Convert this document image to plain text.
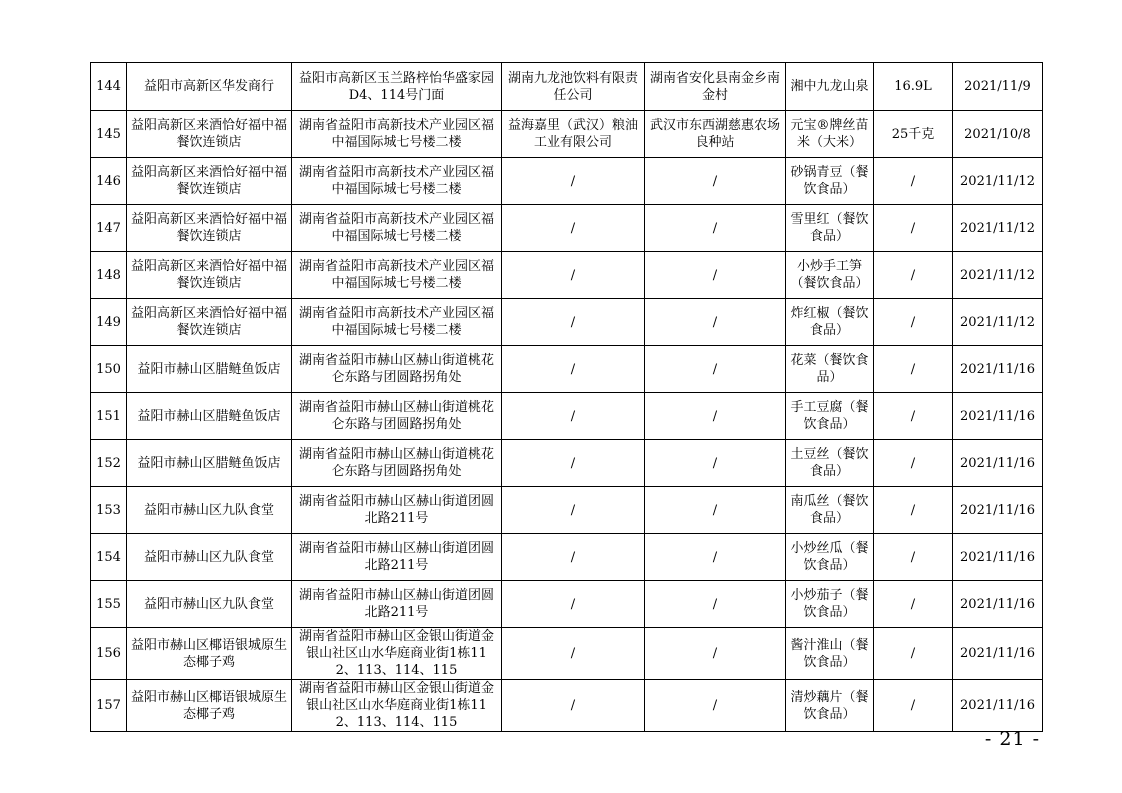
144	益阳市高新区华发商行	益阳市高新区玉兰路梓怡华盛家园D4、114号门面	湖南九龙池饮料有限责任公司	湖南省安化县南金乡南金村	湘中九龙山泉	16.9L	2021/11/9
145	益阳高新区来酒恰好福中福餐饮连锁店	湖南省益阳市高新技术产业园区福中福国际城七号楼二楼	益海嘉里（武汉）粮油工业有限公司	武汉市东西湖慈惠农场良种站	元宝®牌丝苗米（大米）	25千克	2021/10/8
146	益阳高新区来酒恰好福中福餐饮连锁店	湖南省益阳市高新技术产业园区福中福国际城七号楼二楼	/	/	砂锅青豆（餐饮食品）	/	2021/11/12
147	益阳高新区来酒恰好福中福餐饮连锁店	湖南省益阳市高新技术产业园区福中福国际城七号楼二楼	/	/	雪里红（餐饮食品）	/	2021/11/12
148	益阳高新区来酒恰好福中福餐饮连锁店	湖南省益阳市高新技术产业园区福中福国际城七号楼二楼	/	/	小炒手工笋（餐饮食品）	/	2021/11/12
149	益阳高新区来酒恰好福中福餐饮连锁店	湖南省益阳市高新技术产业园区福中福国际城七号楼二楼	/	/	炸红椒（餐饮食品）	/	2021/11/12
150	益阳市赫山区腊鲢鱼饭店	湖南省益阳市赫山区赫山街道桃花仑东路与团圆路拐角处	/	/	花菜（餐饮食品）	/	2021/11/16
151	益阳市赫山区腊鲢鱼饭店	湖南省益阳市赫山区赫山街道桃花仑东路与团圆路拐角处	/	/	手工豆腐（餐饮食品）	/	2021/11/16
152	益阳市赫山区腊鲢鱼饭店	湖南省益阳市赫山区赫山街道桃花仑东路与团圆路拐角处	/	/	土豆丝（餐饮食品）	/	2021/11/16
153	益阳市赫山区九队食堂	湖南省益阳市赫山区赫山街道团圆北路211号	/	/	南瓜丝（餐饮食品）	/	2021/11/16
154	益阳市赫山区九队食堂	湖南省益阳市赫山区赫山街道团圆北路211号	/	/	小炒丝瓜（餐饮食品）	/	2021/11/16
155	益阳市赫山区九队食堂	湖南省益阳市赫山区赫山街道团圆北路211号	/	/	小炒茄子（餐饮食品）	/	2021/11/16
156	益阳市赫山区椰语银城原生态椰子鸡	湖南省益阳市赫山区金银山街道金银山社区山水华庭商业街1栋112、113、114、115	/	/	酱汁淮山（餐饮食品）	/	2021/11/16
157	益阳市赫山区椰语银城原生态椰子鸡	湖南省益阳市赫山区金银山街道金银山社区山水华庭商业街1栋112、113、114、115	/	/	清炒藕片（餐饮食品）	/	2021/11/16
- 21 -
